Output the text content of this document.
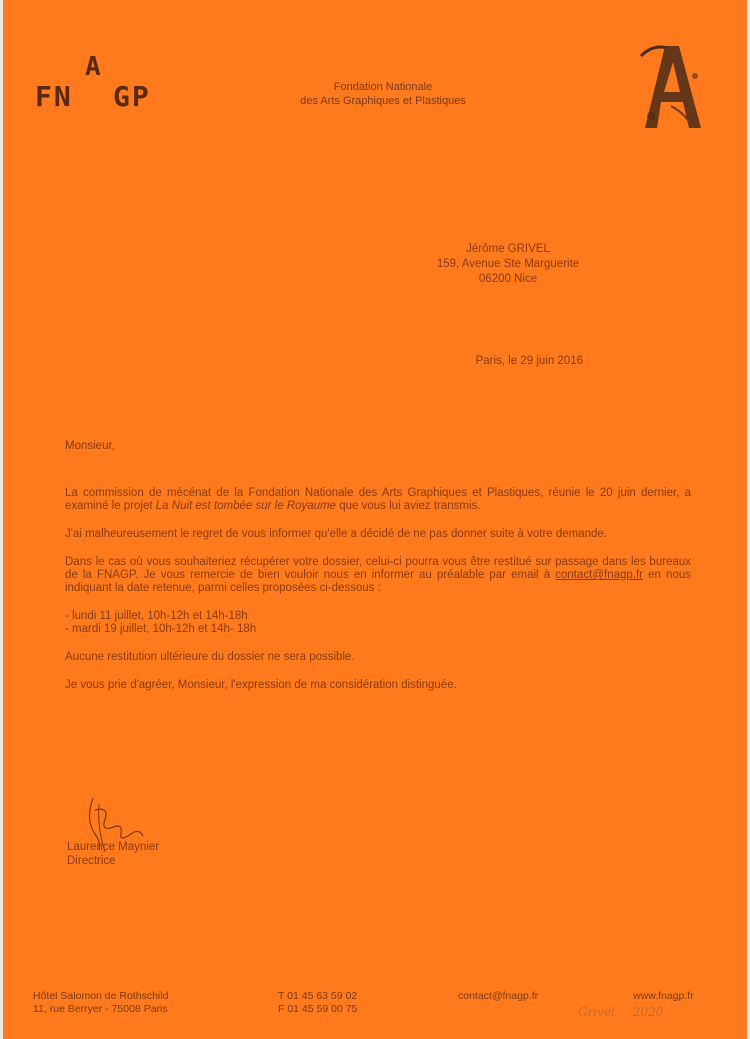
A
FN GP	Fondation Nationale
des Arts Graphiques et Plastiques
Jérôme GRIVEL
159, Avenue Ste Marguerite
06200 Nice
Paris, le 29 juin 2016

Monsieur,

La commission de mécénat de la Fondation Nationale des Arts Graphiques et Plastiques, réunie le 20 juin dernier, a examiné le projet La Nuit est tombée sur le Royaume que vous lui aviez transmis.

J'ai malheureusement le regret de vous informer qu'elle a décidé de ne pas donner suite à votre demande.

Dans le cas où vous souhaiteriez récupérer votre dossier, celui-ci pourra vous être restitué sur passage dans les bureaux de la FNAGP. Je vous remercie de bien vouloir nous en informer au préalable par email à contact@fnagp.fr en nous indiquant la date retenue, parmi celles proposées ci-dessous :

- lundi 11 juillet, 10h-12h et 14h-18h

- mardi 19 juillet, 10h-12h et 14h- 18h

Aucune restitution ultérieure du dossier ne sera possible.

Je vous prie d'agréer, Monsieur, l'expression de ma considération distinguée.

Laurence Maynier
Directrice
Hôtel Salomon de Rothschild
11, rue Berryer - 75008 Paris
T 01 45 63 59 02
F 01 45 59 00 75
contact@fnagp.fr	www.fnagp.fr
Grivel 2020
